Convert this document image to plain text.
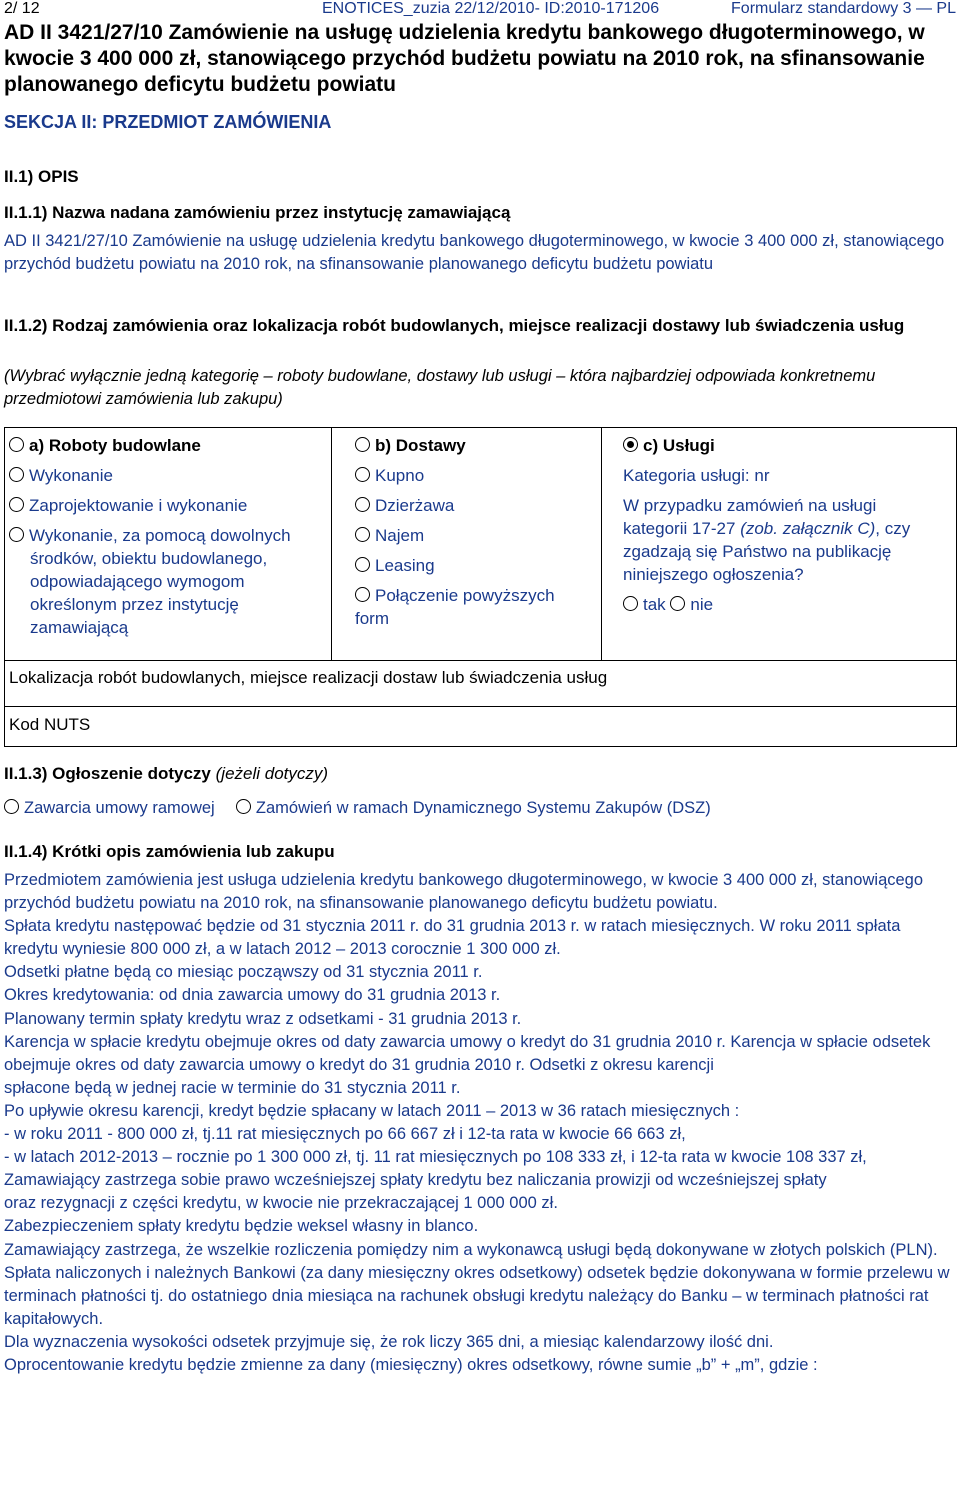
2/ 12	ENOTICES_zuzia 22/12/2010- ID:2010-171206	Formularz standardowy 3 — PL
AD II 3421/27/10 Zamówienie na usługę udzielenia kredytu bankowego długoterminowego, w kwocie 3 400 000 zł, stanowiącego przychód budżetu powiatu na 2010 rok, na sfinansowanie planowanego deficytu budżetu powiatu
SEKCJA II: PRZEDMIOT ZAMÓWIENIA
II.1) OPIS
II.1.1) Nazwa nadana zamówieniu przez instytucję zamawiającą
AD II 3421/27/10 Zamówienie na usługę udzielenia kredytu bankowego długoterminowego, w kwocie 3 400 000 zł, stanowiącego przychód budżetu powiatu na 2010 rok, na sfinansowanie planowanego deficytu budżetu powiatu
II.1.2) Rodzaj zamówienia oraz lokalizacja robót budowlanych, miejsce realizacji dostawy lub świadczenia usług
(Wybrać wyłącznie jedną kategorię – roboty budowlane, dostawy lub usługi – która najbardziej odpowiada konkretnemu przedmiotowi zamówienia lub zakupu)
a) Roboty budowlane
Wykonanie
Zaprojektowanie i wykonanie
Wykonanie, za pomocą dowolnych środków, obiektu budowlanego, odpowiadającego wymogom określonym przez instytucję zamawiającą
b) Dostawy
Kupno
Dzierżawa
Najem
Leasing
Połączenie powyższych form
c) Usługi
Kategoria usługi: nr
W przypadku zamówień na usługi kategorii 17-27 (zob. załącznik C), czy zgadzają się Państwo na publikację niniejszego ogłoszenia?
tak nie
Lokalizacja robót budowlanych, miejsce realizacji dostaw lub świadczenia usług
Kod NUTS
II.1.3) Ogłoszenie dotyczy (jeżeli dotyczy)
Zawarcia umowy ramowej Zamówień w ramach Dynamicznego Systemu Zakupów (DSZ)
II.1.4) Krótki opis zamówienia lub zakupu
Przedmiotem zamówienia jest usługa udzielenia kredytu bankowego długoterminowego, w kwocie 3 400 000 zł, stanowiącego przychód budżetu powiatu na 2010 rok, na sfinansowanie planowanego deficytu budżetu powiatu.
Spłata kredytu następować będzie od 31 stycznia 2011 r. do 31 grudnia 2013 r. w ratach miesięcznych. W roku 2011 spłata kredytu wyniesie 800 000 zł, a w latach 2012 – 2013 corocznie 1 300 000 zł.
Odsetki płatne będą co miesiąc począwszy od 31 stycznia 2011 r.
Okres kredytowania: od dnia zawarcia umowy do 31 grudnia 2013 r.
Planowany termin spłaty kredytu wraz z odsetkami - 31 grudnia 2013 r.
Karencja w spłacie kredytu obejmuje okres od daty zawarcia umowy o kredyt do 31 grudnia 2010 r. Karencja w spłacie odsetek obejmuje okres od daty zawarcia umowy o kredyt do 31 grudnia 2010 r. Odsetki z okresu karencji
spłacone będą w jednej racie w terminie do 31 stycznia 2011 r.
Po upływie okresu karencji, kredyt będzie spłacany w latach 2011 – 2013 w 36 ratach miesięcznych :
- w roku 2011 - 800 000 zł, tj.11 rat miesięcznych po 66 667 zł i 12-ta rata w kwocie 66 663 zł,
- w latach 2012-2013 – rocznie po 1 300 000 zł, tj. 11 rat miesięcznych po 108 333 zł, i 12-ta rata w kwocie 108 337 zł,
Zamawiający zastrzega sobie prawo wcześniejszej spłaty kredytu bez naliczania prowizji od wcześniejszej spłaty
oraz rezygnacji z części kredytu, w kwocie nie przekraczającej 1 000 000 zł.
Zabezpieczeniem spłaty kredytu będzie weksel własny in blanco.
Zamawiający zastrzega, że wszelkie rozliczenia pomiędzy nim a wykonawcą usługi będą dokonywane w złotych polskich (PLN).
Spłata naliczonych i należnych Bankowi (za dany miesięczny okres odsetkowy) odsetek będzie dokonywana w formie przelewu w terminach płatności tj. do ostatniego dnia miesiąca na rachunek obsługi kredytu należący do Banku – w terminach płatności rat kapitałowych.
Dla wyznaczenia wysokości odsetek przyjmuje się, że rok liczy 365 dni, a miesiąc kalendarzowy ilość dni.
Oprocentowanie kredytu będzie zmienne za dany (miesięczny) okres odsetkowy, równe sumie „b” + „m”, gdzie :
